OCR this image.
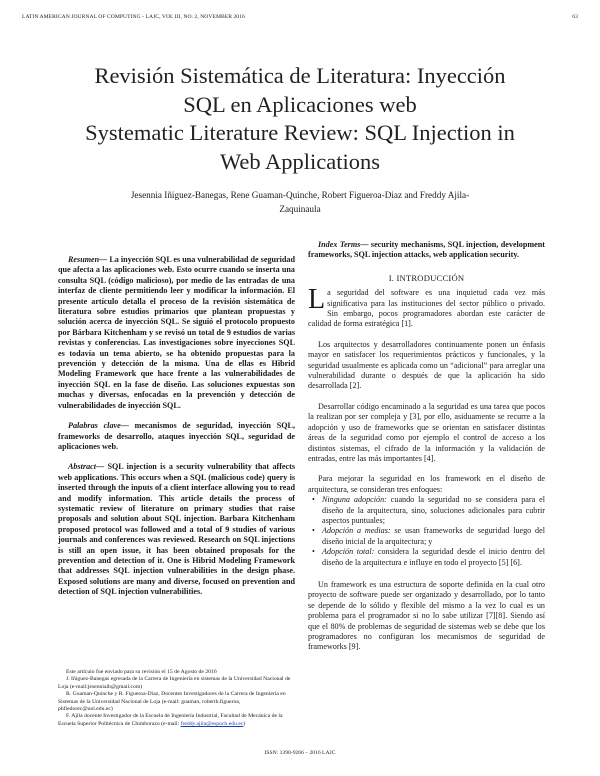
LATIN AMERICAN JOURNAL OF COMPUTING - LAJC, VOL III, NO. 2, NOVEMBER 2016	63
Revisión Sistemática de Literatura: Inyección
SQL en Aplicaciones web
Systematic Literature Review: SQL Injection in
Web Applications
Jesennia Iñiguez-Banegas, Rene Guaman-Quinche, Robert Figueroa-Diaz and Freddy Ajila-
Zaquinaula

Resumen— La inyección SQL es una vulnerabilidad de seguridad que afecta a las aplicaciones web. Esto ocurre cuando se inserta una consulta SQL (código malicioso), por medio de las entradas de una interfaz de cliente permitiendo leer y modificar la información. El presente artículo detalla el proceso de la revisión sistemática de literatura sobre estudios primarios que plantean propuestas y solución acerca de inyección SQL. Se siguió el protocolo propuesto por Bárbara Kitchenham y se revisó un total de 9 estudios de varias revistas y conferencias. Las investigaciones sobre inyecciones SQL es todavía un tema abierto, se ha obtenido propuestas para la prevención y detección de la misma. Una de ellas es Hibrid Modeling Framework que hace frente a las vulnerabilidades de inyección SQL en la fase de diseño. Las soluciones expuestas son muchas y diversas, enfocadas en la prevención y detección de vulnerabilidades de inyección SQL.

Palabras clave— mecanismos de seguridad, inyección SQL, frameworks de desarrollo, ataques inyección SQL, seguridad de aplicaciones web.

Abstract— SQL injection is a security vulnerability that affects web applications. This occurs when a SQL (malicious code) query is inserted through the inputs of a client interface allowing you to read and modify information. This article details the process of systematic review of literature on primary studies that raise proposals and solution about SQL injection. Barbara Kitchenham proposed protocol was followed and a total of 9 studies of various journals and conferences was reviewed. Research on SQL injections is still an open issue, it has been obtained proposals for the prevention and detection of it. One is Hibrid Modeling Framework that addresses SQL injection vulnerabilities in the design phase. Exposed solutions are many and diverse, focused on prevention and detection of SQL injection vulnerabilities.

Este artículo fue enviado para su revisión el 15 de Agosto de 2016

J. Iñiguez-Banegas egresada de la Carrera de Ingeniería en sistemas de la Universidad Nacional de Loja (e-mail:jesenniaib@gmail.com)

R. Guaman-Quinche y R. Figueroa-Diaz, Docentes Investigadores de la Carrera de Ingeniería en Sistemas de la Universidad Nacional de Loja (e-mail: guaman, roberth.figueroa, phfiedorec@unl.edu.ec)

F. Ajila docente Investigador de la Escuela de Ingeniería Industrial, Facultad de Mecánica de la Escuela Superior Politécnica de Chimborazo (e-mail: freddy.ajila@espoch.edu.ec)

Index Terms— security mechanisms, SQL injection, development frameworks, SQL injection attacks, web application security.

I. INTRODUCCIÓN

La seguridad del software es una inquietud cada vez más significativa para las instituciones del sector público o privado. Sin embargo, pocos programadores abordan este carácter de calidad de forma estratégica [1].

Los arquitectos y desarrolladores continuamente ponen un énfasis mayor en satisfacer los requerimientos prácticos y funcionales, y la seguridad usualmente es aplicada como un “adicional” para arreglar una vulnerabilidad durante o después de que la aplicación ha sido desarrollada [2].

Desarrollar código encaminado a la seguridad es una tarea que pocos la realizan por ser compleja y [3], por ello, asiduamente se recurre a la adopción y uso de frameworks que se orientan en satisfacer distintas áreas de la seguridad como por ejemplo el control de acceso a los distintos sistemas, el cifrado de la información y la validación de entradas, entre las más importantes [4].

Para mejorar la seguridad en los framework en el diseño de arquitectura, se consideran tres enfoques:

• Ninguna adopción: cuando la seguridad no se considera para el diseño de la arquitectura, sino, soluciones adicionales para cubrir aspectos puntuales;
• Adopción a medias: se usan frameworks de seguridad luego del diseño inicial de la arquitectura; y
• Adopción total: considera la seguridad desde el inicio dentro del diseño de la arquitectura e influye en todo el proyecto [5] [6].

Un framework es una estructura de soporte definida en la cual otro proyecto de software puede ser organizado y desarrollado, por lo tanto se depende de lo sólido y flexible del mismo a la vez lo cual es un problema para el programador si no lo sabe utilizar [7][8]. Siendo así que el 80% de problemas de seguridad de sistemas web se debe que los programadores no configuran los mecanismos de seguridad de frameworks [9].

ISSN: 1390-9266 – 2016 LAJC
